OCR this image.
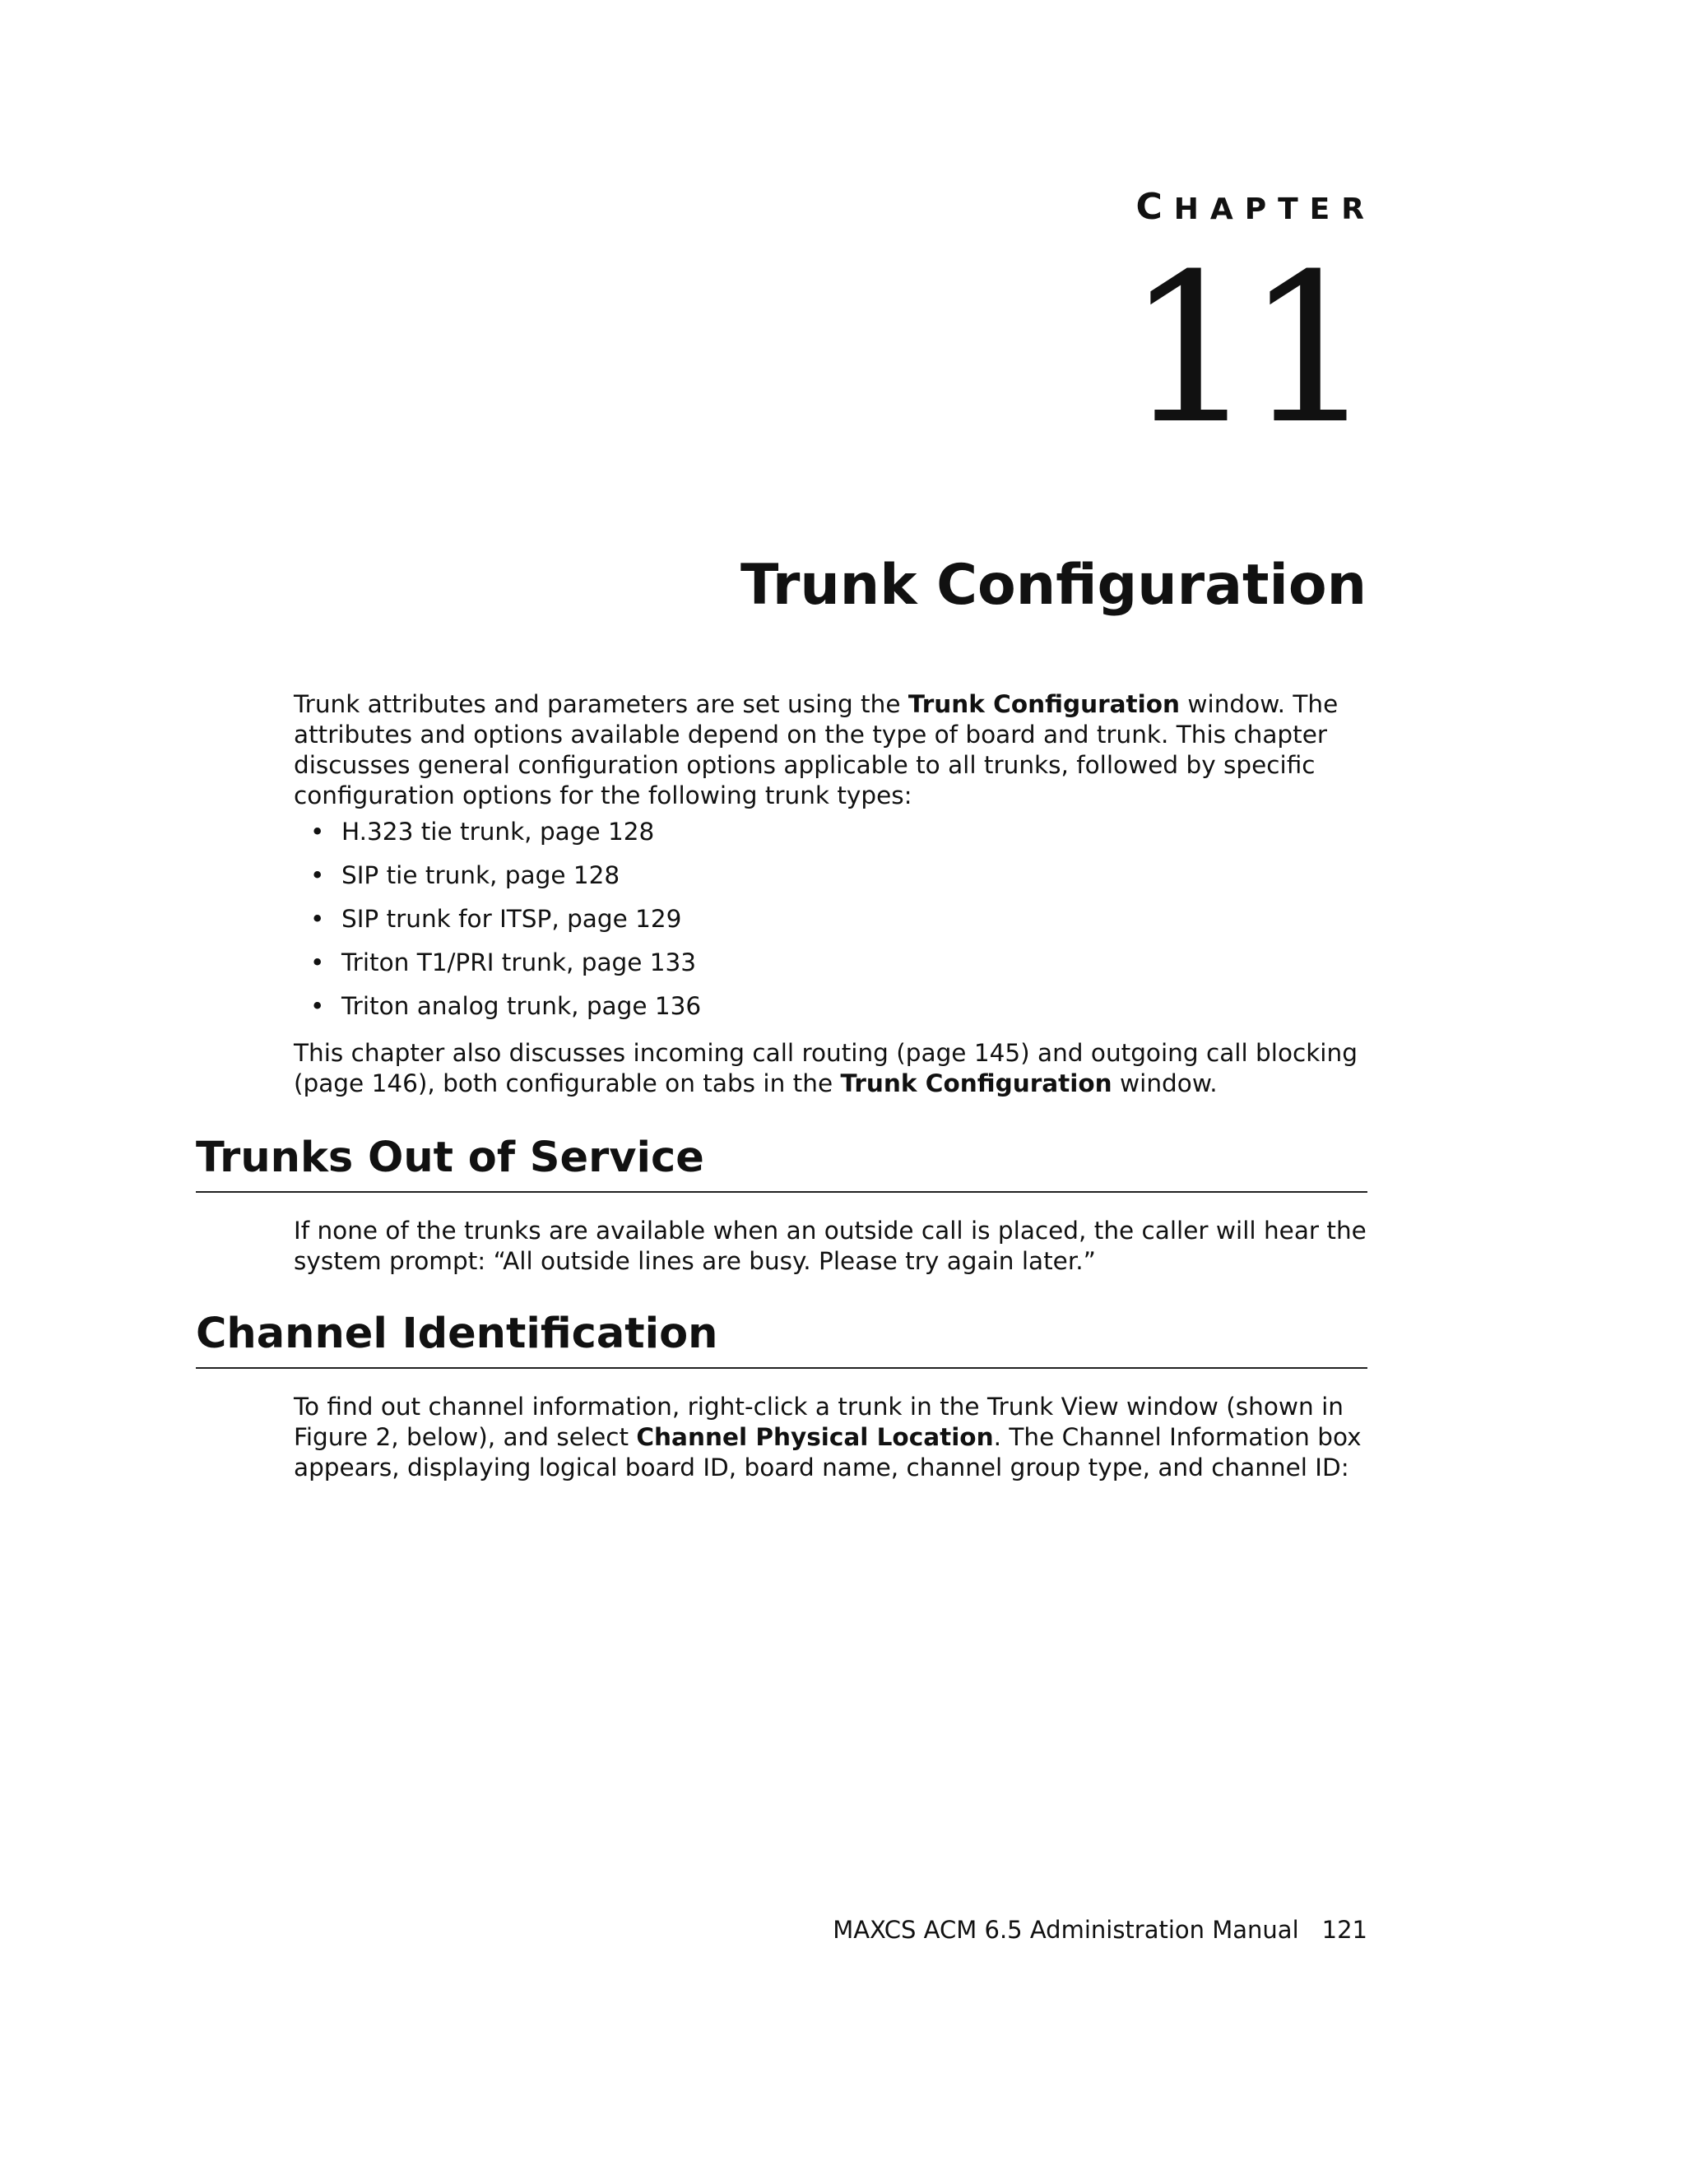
CHAPTER
11
Trunk Configuration

Trunk attributes and parameters are set using the Trunk Configuration window. The attributes and options available depend on the type of board and trunk. This chapter discusses general configuration options applicable to all trunks, followed by specific configuration options for the following trunk types:

• H.323 tie trunk, page 128
• SIP tie trunk, page 128
• SIP trunk for ITSP, page 129
• Triton T1/PRI trunk, page 133
• Triton analog trunk, page 136

This chapter also discusses incoming call routing (page 145) and outgoing call blocking (page 146), both configurable on tabs in the Trunk Configuration window.

Trunks Out of Service

If none of the trunks are available when an outside call is placed, the caller will hear the system prompt: “All outside lines are busy. Please try again later.”

Channel Identification

To find out channel information, right-click a trunk in the Trunk View window (shown in Figure 2, below), and select Channel Physical Location. The Channel Information box appears, displaying logical board ID, board name, channel group type, and channel ID:

MAXCS ACM 6.5 Administration Manual 121
